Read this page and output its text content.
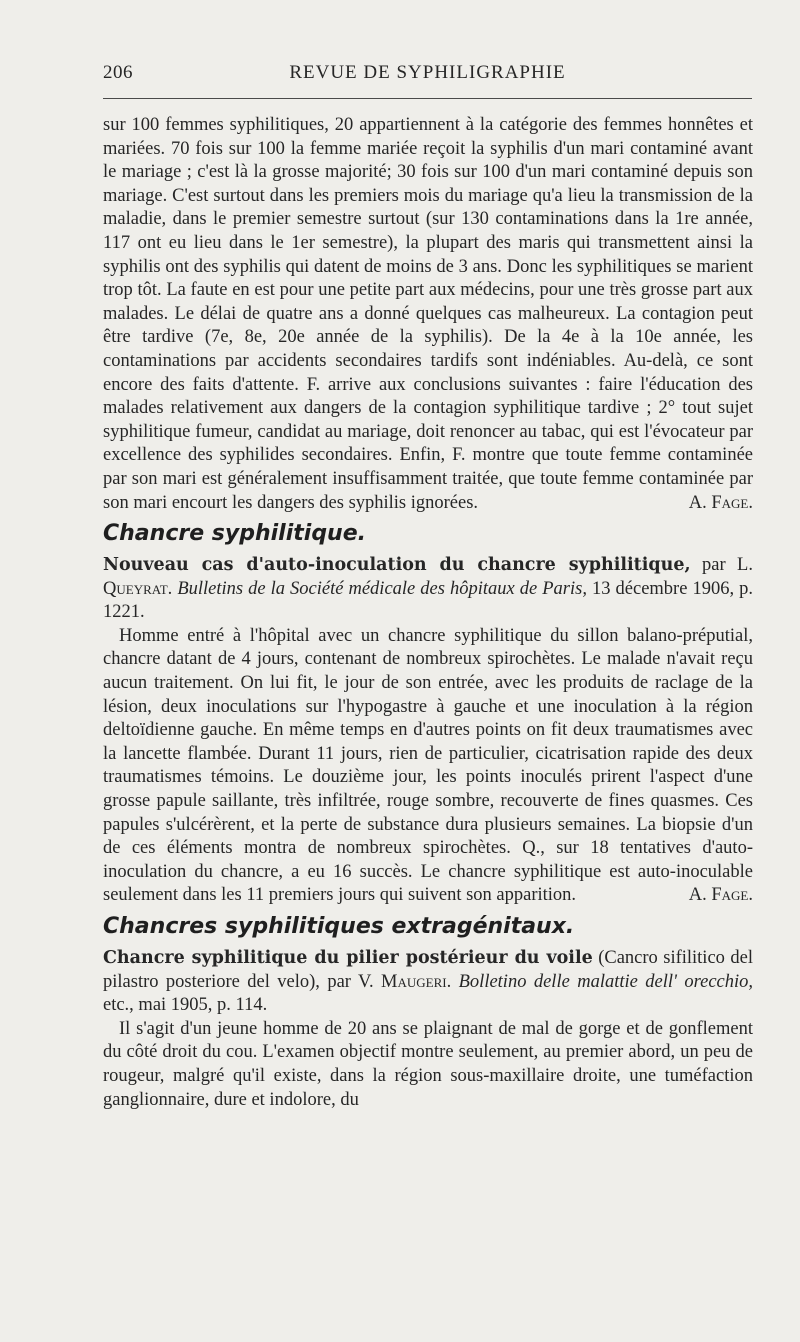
206	REVUE DE SYPHILIGRAPHIE

sur 100 femmes syphilitiques, 20 appartiennent à la catégorie des femmes honnêtes et mariées. 70 fois sur 100 la femme mariée reçoit la syphilis d'un mari contaminé avant le mariage ; c'est là la grosse majorité; 30 fois sur 100 d'un mari contaminé depuis son mariage. C'est surtout dans les premiers mois du mariage qu'a lieu la transmission de la maladie, dans le premier semestre surtout (sur 130 contaminations dans la 1re année, 117 ont eu lieu dans le 1er semestre), la plupart des maris qui transmettent ainsi la syphilis ont des syphilis qui datent de moins de 3 ans. Donc les syphilitiques se marient trop tôt. La faute en est pour une petite part aux médecins, pour une très grosse part aux malades. Le délai de quatre ans a donné quelques cas malheureux. La contagion peut être tardive (7e, 8e, 20e année de la syphilis). De la 4e à la 10e année, les contaminations par accidents secondaires tardifs sont indéniables. Au-delà, ce sont encore des faits d'attente. F. arrive aux conclusions suivantes : faire l'éducation des malades relativement aux dangers de la contagion syphilitique tardive ; 2° tout sujet syphilitique fumeur, candidat au mariage, doit renoncer au tabac, qui est l'évocateur par excellence des syphilides secondaires. Enfin, F. montre que toute femme contaminée par son mari est généralement insuffisamment traitée, que toute femme contaminée par son mari encourt les dangers des syphilis ignorées.	A. Fage.

Chancre syphilitique.

Nouveau cas d'auto-inoculation du chancre syphilitique, par L. Queyrat. Bulletins de la Société médicale des hôpitaux de Paris, 13 décembre 1906, p. 1221.

Homme entré à l'hôpital avec un chancre syphilitique du sillon balano-préputial, chancre datant de 4 jours, contenant de nombreux spirochètes. Le malade n'avait reçu aucun traitement. On lui fit, le jour de son entrée, avec les produits de raclage de la lésion, deux inoculations sur l'hypogastre à gauche et une inoculation à la région deltoïdienne gauche. En même temps en d'autres points on fit deux traumatismes avec la lancette flambée. Durant 11 jours, rien de particulier, cicatrisation rapide des deux traumatismes témoins. Le douzième jour, les points inoculés prirent l'aspect d'une grosse papule saillante, très infiltrée, rouge sombre, recouverte de fines quasmes. Ces papules s'ulcérèrent, et la perte de substance dura plusieurs semaines. La biopsie d'un de ces éléments montra de nombreux spirochètes. Q., sur 18 tentatives d'auto-inoculation du chancre, a eu 16 succès. Le chancre syphilitique est auto-inoculable seulement dans les 11 premiers jours qui suivent son apparition.	A. Fage.

Chancres syphilitiques extragénitaux.

Chancre syphilitique du pilier postérieur du voile (Cancro sifilitico del pilastro posteriore del velo), par V. Maugeri. Bolletino delle malattie dell' orecchio, etc., mai 1905, p. 114.

Il s'agit d'un jeune homme de 20 ans se plaignant de mal de gorge et de gonflement du côté droit du cou. L'examen objectif montre seulement, au premier abord, un peu de rougeur, malgré qu'il existe, dans la région sous-maxillaire droite, une tuméfaction ganglionnaire, dure et indolore, du
